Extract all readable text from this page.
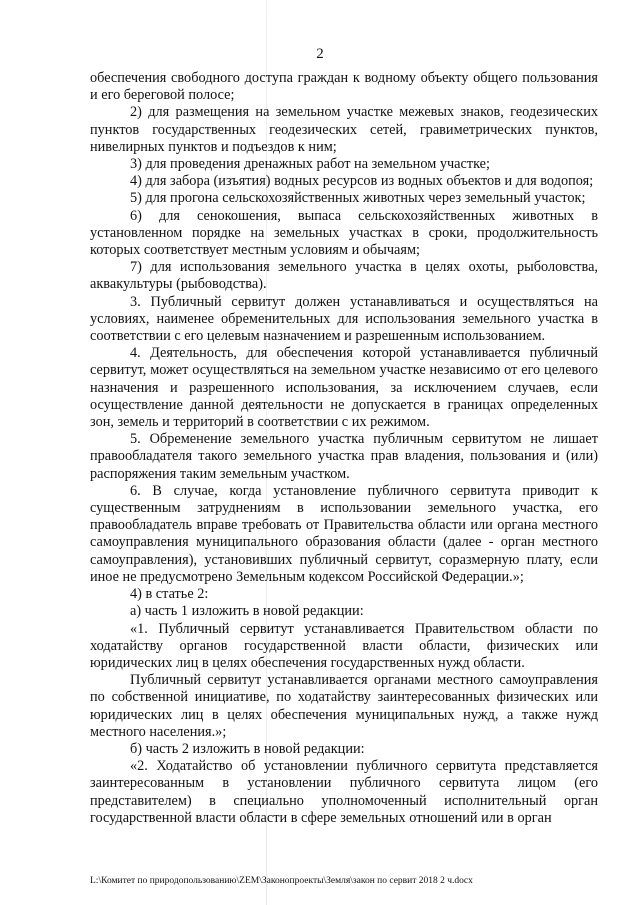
2

обеспечения свободного доступа граждан к водному объекту общего пользования и его береговой полосе;

2) для размещения на земельном участке межевых знаков, геодезических пунктов государственных геодезических сетей, гравиметрических пунктов, нивелирных пунктов и подъездов к ним;

3) для проведения дренажных работ на земельном участке;

4) для забора (изъятия) водных ресурсов из водных объектов и для водопоя;

5) для прогона сельскохозяйственных животных через земельный участок;

6) для сенокошения, выпаса сельскохозяйственных животных в установленном порядке на земельных участках в сроки, продолжительность которых соответствует местным условиям и обычаям;

7) для использования земельного участка в целях охоты, рыболовства, аквакультуры (рыбоводства).

3. Публичный сервитут должен устанавливаться и осуществляться на условиях, наименее обременительных для использования земельного участка в соответствии с его целевым назначением и разрешенным использованием.

4. Деятельность, для обеспечения которой устанавливается публичный сервитут, может осуществляться на земельном участке независимо от его целевого назначения и разрешенного использования, за исключением случаев, если осуществление данной деятельности не допускается в границах определенных зон, земель и территорий в соответствии с их режимом.

5. Обременение земельного участка публичным сервитутом не лишает правообладателя такого земельного участка прав владения, пользования и (или) распоряжения таким земельным участком.

6. В случае, когда установление публичного сервитута приводит к существенным затруднениям в использовании земельного участка, его правообладатель вправе требовать от Правительства области или органа местного самоуправления муниципального образования области (далее - орган местного самоуправления), установивших публичный сервитут, соразмерную плату, если иное не предусмотрено Земельным кодексом Российской Федерации.»;

4) в статье 2:

а) часть 1 изложить в новой редакции:

«1. Публичный сервитут устанавливается Правительством области по ходатайству органов государственной власти области, физических или юридических лиц в целях обеспечения государственных нужд области.

Публичный сервитут устанавливается органами местного самоуправления по собственной инициативе, по ходатайству заинтересованных физических или юридических лиц в целях обеспечения муниципальных нужд, а также нужд местного населения.»;

б) часть 2 изложить в новой редакции:

«2. Ходатайство об установлении публичного сервитута представляется заинтересованным в установлении публичного сервитута лицом (его представителем) в специально уполномоченный исполнительный орган государственной власти области в сфере земельных отношений или в орган

L:\Комитет по природопользованию\ZEM\Законопроекты\Земля\закон по сервит 2018 2 ч.docx
